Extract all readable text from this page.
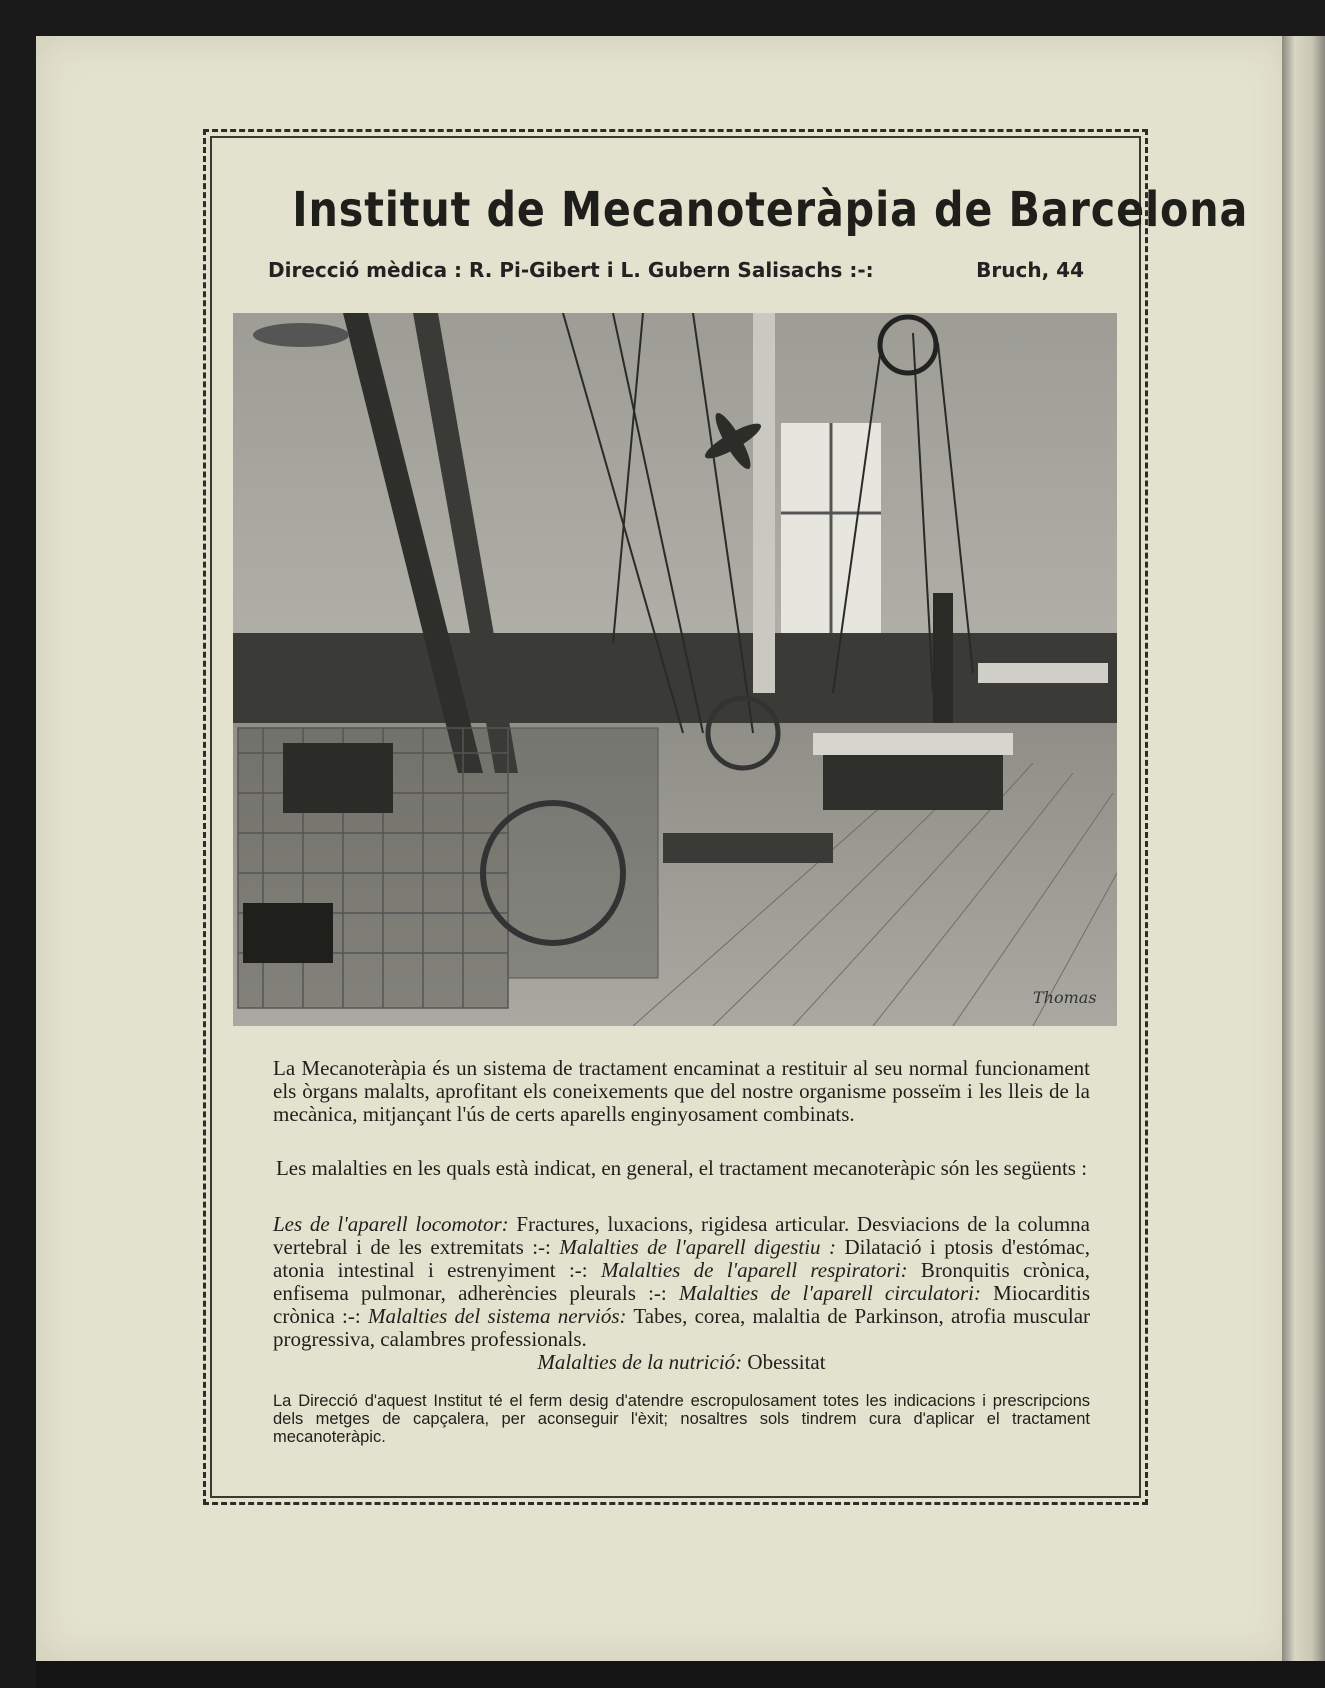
Institut de Mecanoteràpia de Barcelona
Direcció mèdica : R. Pi-Gibert i L. Gubern Salisachs :-:	Bruch, 44
Thomas
La Mecanoteràpia és un sistema de tractament encaminat a restituir al seu normal funcionament els òrgans malalts, aprofitant els coneixements que del nostre organisme posseïm i les lleis de la mecànica, mitjançant l'ús de certs aparells enginyosament combinats.
Les malalties en les quals està indicat, en general, el tractament mecanoteràpic són les següents :
Les de l'aparell locomotor: Fractures, luxacions, rigidesa articular. Desviacions de la columna vertebral i de les extremitats :-: Malalties de l'aparell digestiu : Dilatació i ptosis d'estómac, atonia intestinal i estrenyiment :-: Malalties de l'aparell respiratori: Bronquitis crònica, enfisema pulmonar, adherències pleurals :-: Malalties de l'aparell circulatori: Miocarditis crònica :-: Malalties del sistema nerviós: Tabes, corea, malaltia de Parkinson, atrofia muscular progressiva, calambres professionals.
Malalties de la nutrició: Obessitat
La Direcció d'aquest Institut té el ferm desig d'atendre escropulosament totes les indicacions i prescripcions dels metges de capçalera, per aconseguir l'èxit; nosaltres sols tindrem cura d'aplicar el tractament mecanoteràpic.
